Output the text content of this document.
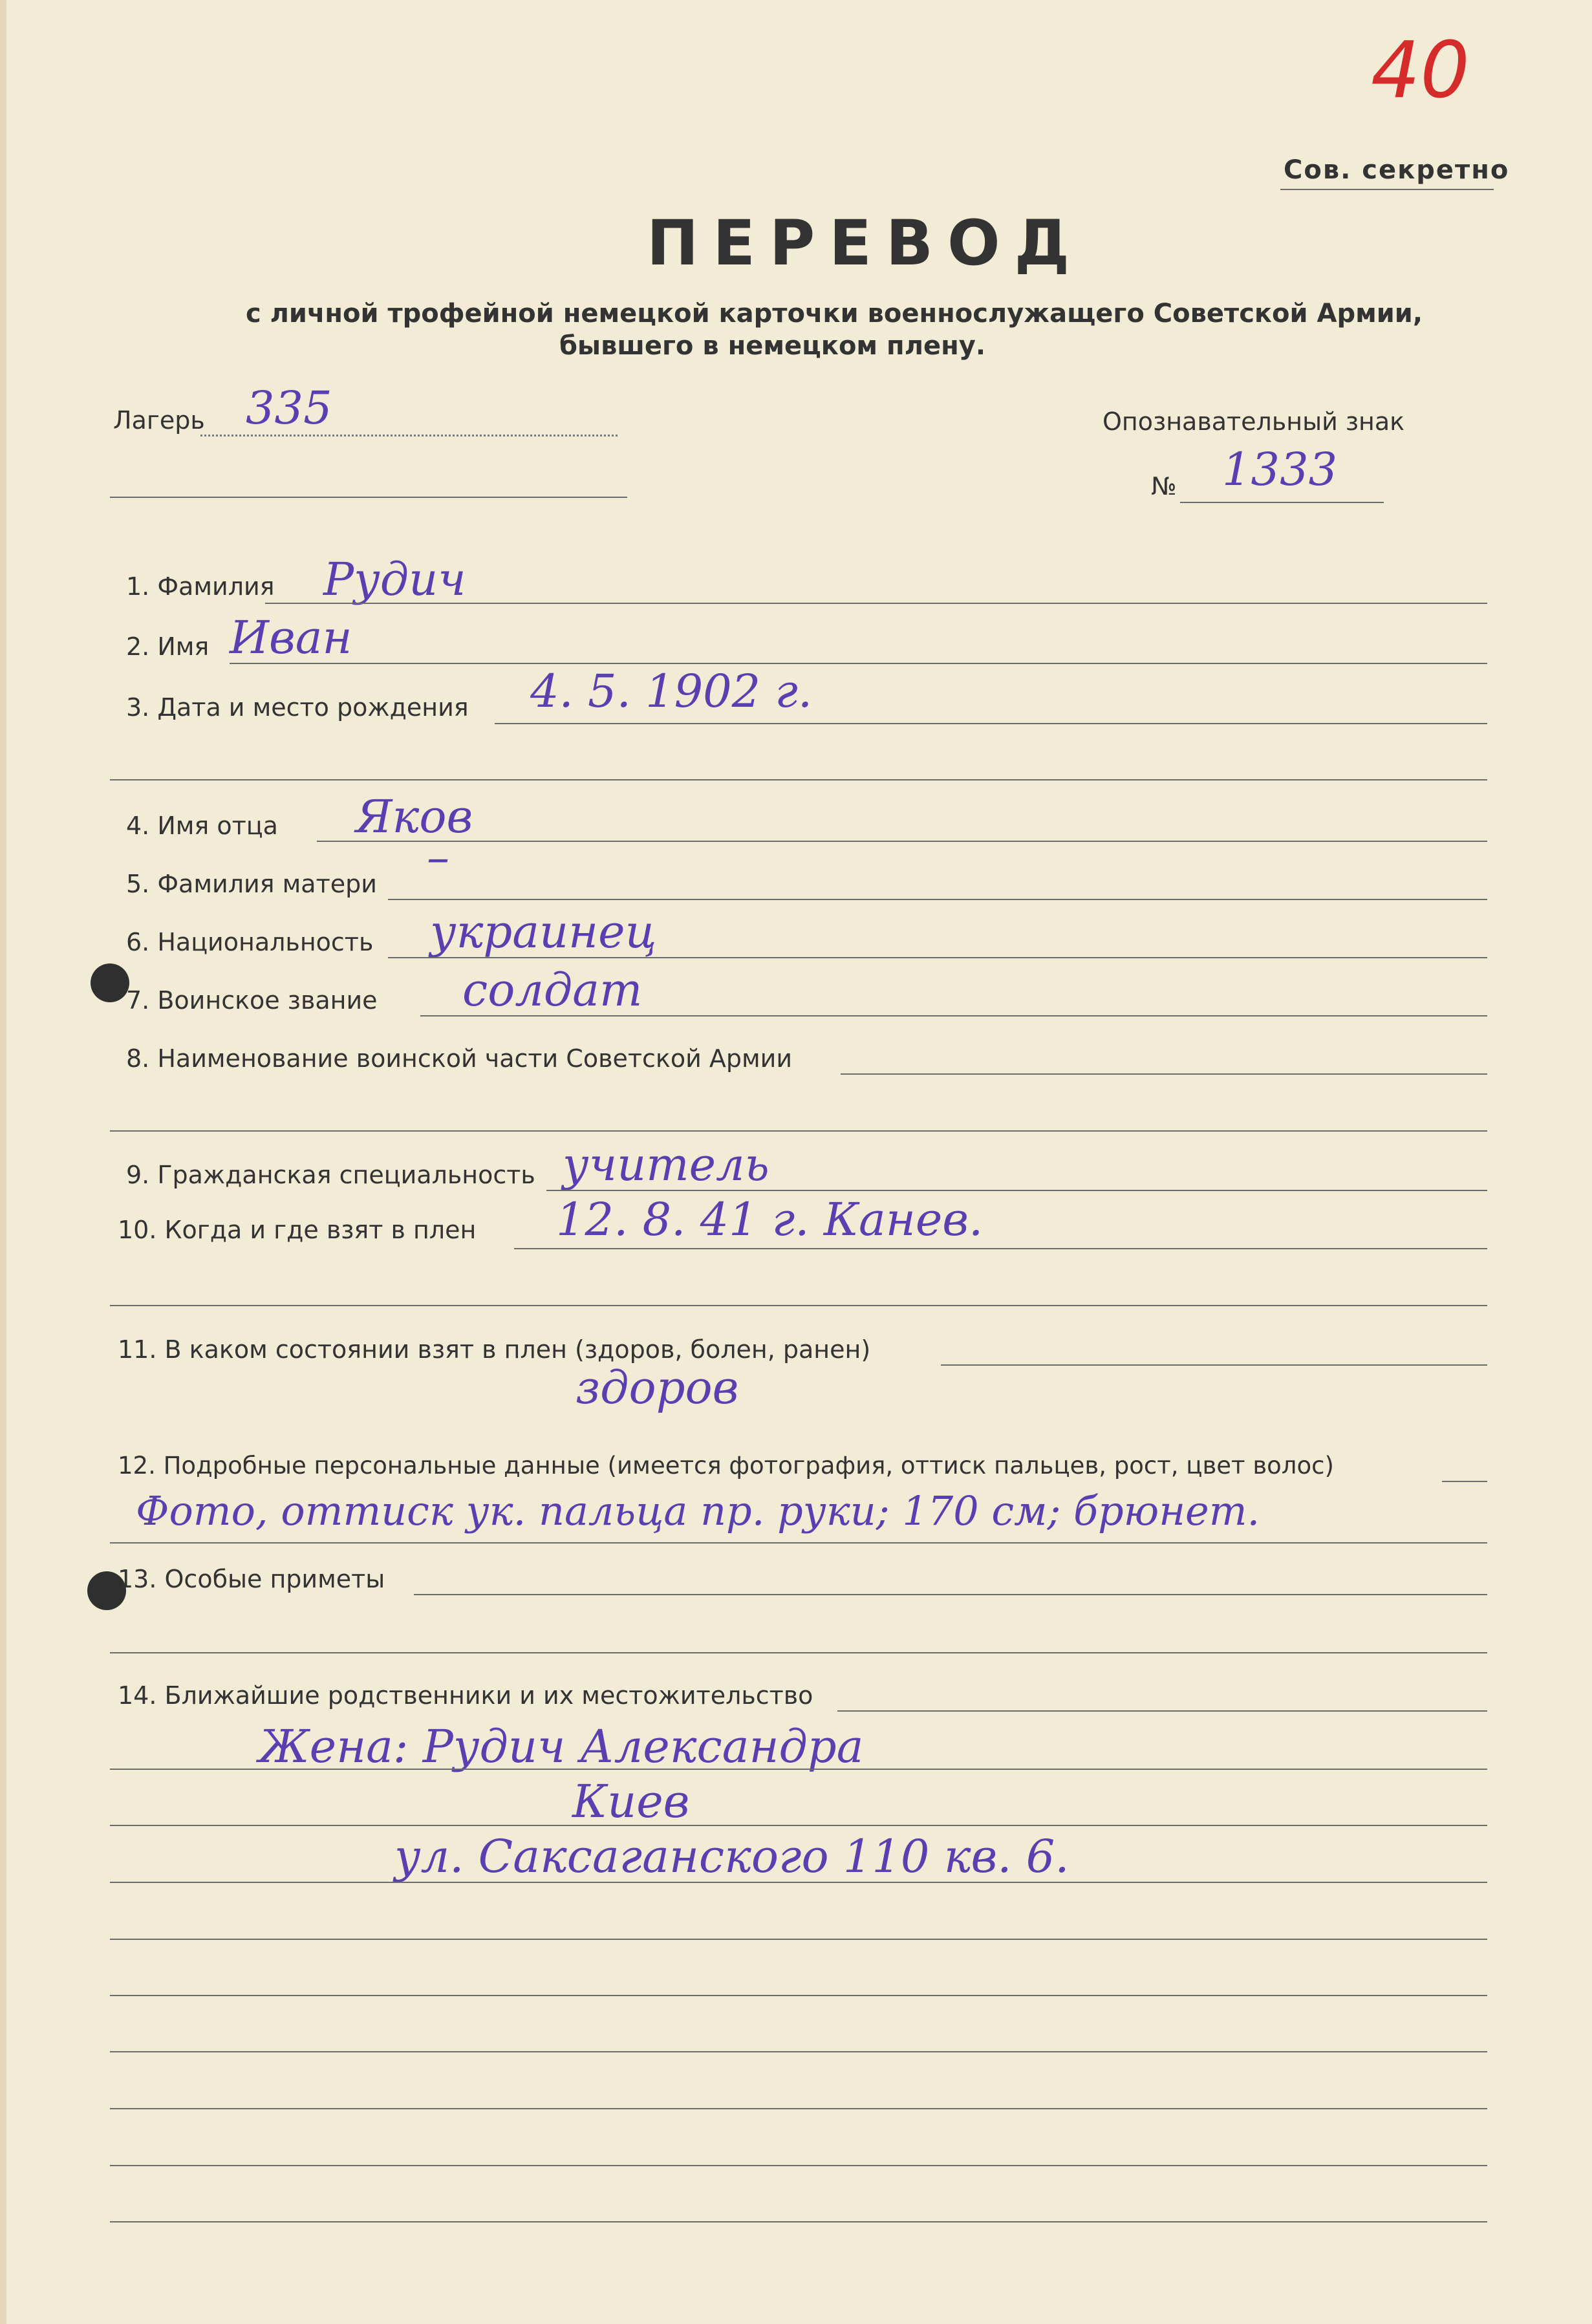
40
Сов. секретно
ПЕРЕВОД
с личной трофейной немецкой карточки военнослужащего Советской Армии,
бывшего в немецком плену.
Лагерь 335	Опознавательный знак
№ 1333
1. Фамилия Рудич
2. Имя Иван
3. Дата и место рождения 4. 5. 1902 г.
4. Имя отца Яков
5. Фамилия матери –
6. Национальность украинец
7. Воинское звание солдат
8. Наименование воинской части Советской Армии
9. Гражданская специальность учитель
10. Когда и где взят в плен 12. 8. 41 г. Канев.
11. В каком состоянии взят в плен (здоров, болен, ранен)
здоров
12. Подробные персональные данные (имеется фотография, оттиск пальцев, рост, цвет волос)
Фото, оттиск ук. пальца пр. руки; 170 см; брюнет.
13. Особые приметы
14. Ближайшие родственники и их местожительство
Жена: Рудич Александра
Киев
ул. Саксаганского 110 кв. 6.
